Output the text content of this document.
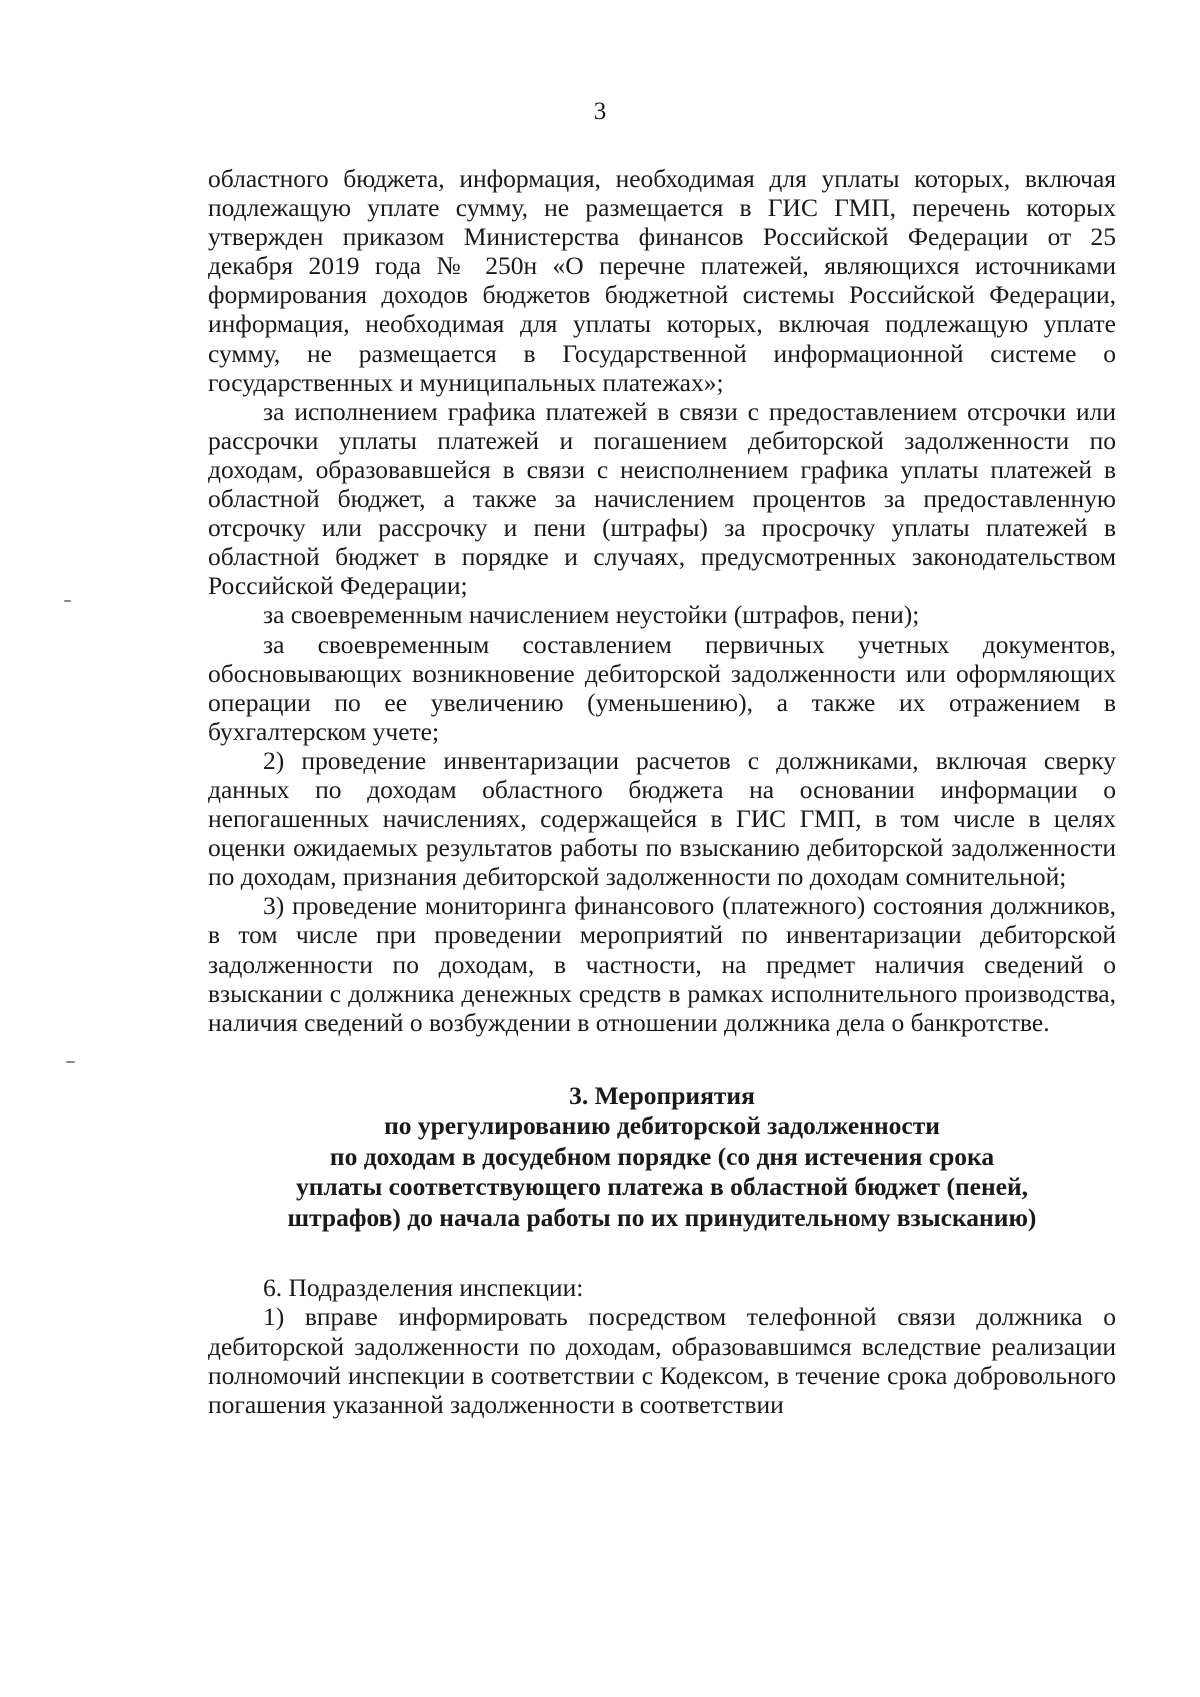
3

областного бюджета, информация, необходимая для уплаты которых, включая подлежащую уплате сумму, не размещается в ГИС ГМП, перечень которых утвержден приказом Министерства финансов Российской Федерации от 25 декабря 2019 года № 250н «О перечне платежей, являющихся источниками формирования доходов бюджетов бюджетной системы Российской Федерации, информация, необходимая для уплаты которых, включая подлежащую уплате сумму, не размещается в Государственной информационной системе о государственных и муниципальных платежах»;

за исполнением графика платежей в связи с предоставлением отсрочки или рассрочки уплаты платежей и погашением дебиторской задолженности по доходам, образовавшейся в связи с неисполнением графика уплаты платежей в областной бюджет, а также за начислением процентов за предоставленную отсрочку или рассрочку и пени (штрафы) за просрочку уплаты платежей в областной бюджет в порядке и случаях, предусмотренных законодательством Российской Федерации;

за своевременным начислением неустойки (штрафов, пени);

за своевременным составлением первичных учетных документов, обосновывающих возникновение дебиторской задолженности или оформляющих операции по ее увеличению (уменьшению), а также их отражением в бухгалтерском учете;

2) проведение инвентаризации расчетов с должниками, включая сверку данных по доходам областного бюджета на основании информации о непогашенных начислениях, содержащейся в ГИС ГМП, в том числе в целях оценки ожидаемых результатов работы по взысканию дебиторской задолженности по доходам, признания дебиторской задолженности по доходам сомнительной;

3) проведение мониторинга финансового (платежного) состояния должников, в том числе при проведении мероприятий по инвентаризации дебиторской задолженности по доходам, в частности, на предмет наличия сведений о взыскании с должника денежных средств в рамках исполнительного производства, наличия сведений о возбуждении в отношении должника дела о банкротстве.

3. Мероприятия
по урегулированию дебиторской задолженности
по доходам в досудебном порядке (со дня истечения срока
уплаты соответствующего платежа в областной бюджет (пеней,
штрафов) до начала работы по их принудительному взысканию)

6. Подразделения инспекции:

1) вправе информировать посредством телефонной связи должника о дебиторской задолженности по доходам, образовавшимся вследствие реализации полномочий инспекции в соответствии с Кодексом, в течение срока добровольного погашения указанной задолженности в соответствии
